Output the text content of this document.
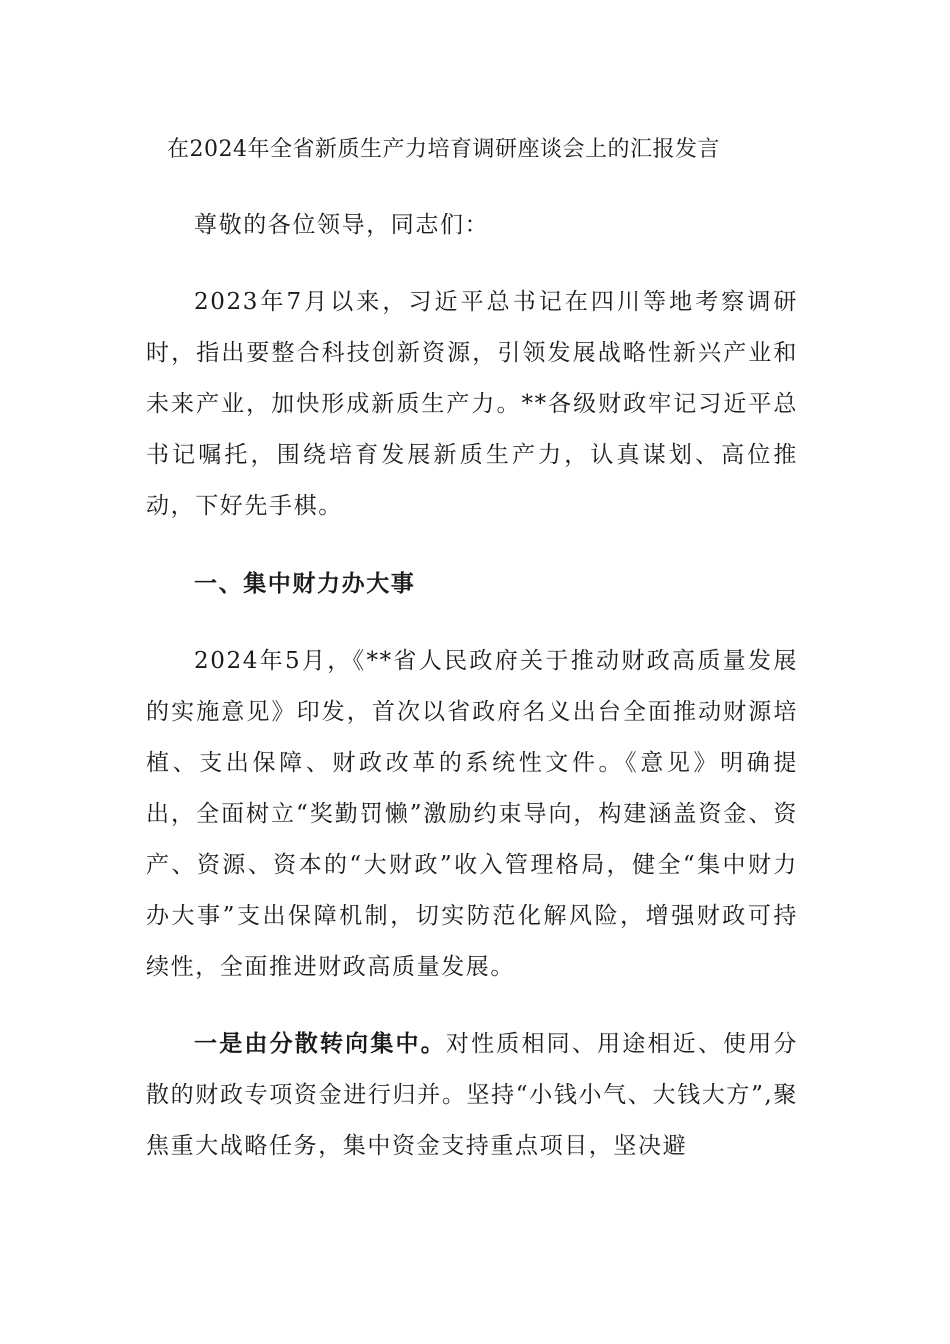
在2024年全省新质生产力培育调研座谈会上的汇报发言

尊敬的各位领导，同志们：

2023年7月以来，习近平总书记在四川等地考察调研时，指出要整合科技创新资源，引领发展战略性新兴产业和未来产业，加快形成新质生产力。**各级财政牢记习近平总书记嘱托，围绕培育发展新质生产力，认真谋划、高位推动，下好先手棋。

一、集中财力办大事

2024年5月，《**省人民政府关于推动财政高质量发展的实施意见》印发，首次以省政府名义出台全面推动财源培植、支出保障、财政改革的系统性文件。《意见》明确提出，全面树立“奖勤罚懒”激励约束导向，构建涵盖资金、资产、资源、资本的“大财政”收入管理格局，健全“集中财力办大事”支出保障机制，切实防范化解风险，增强财政可持续性，全面推进财政高质量发展。

一是由分散转向集中。对性质相同、用途相近、使用分散的财政专项资金进行归并。坚持“小钱小气、大钱大方”,聚焦重大战略任务，集中资金支持重点项目，坚决避
